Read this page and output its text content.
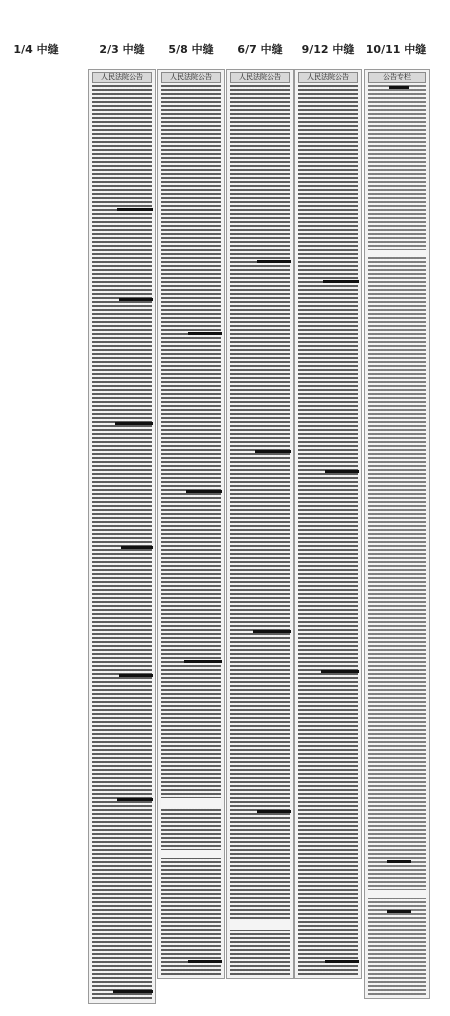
1/4 中缝	2/3 中缝	5/8 中缝	6/7 中缝	9/12 中缝	10/11 中缝
人民法院公告	人民法院公告	人民法院公告	人民法院公告	公告专栏
